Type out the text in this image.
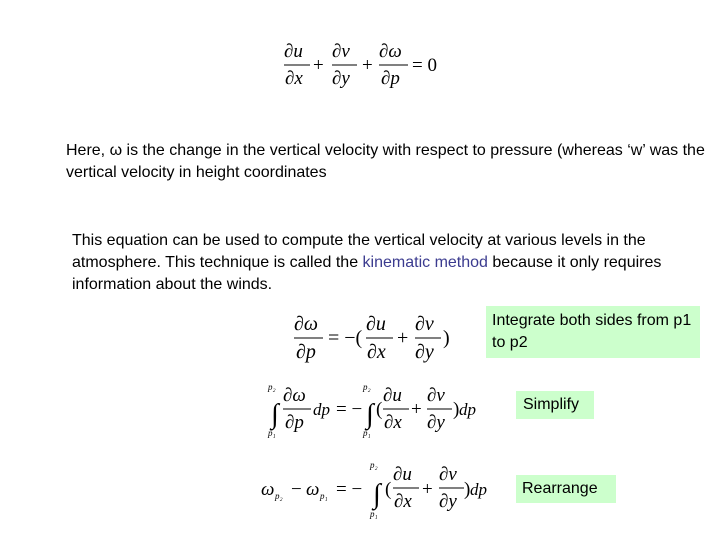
∂u
∂x
+
∂v
∂y
+
∂ω
∂p
= 0

Here, ω is the change in the vertical velocity with respect to pressure (whereas ‘w’ was the vertical velocity in height coordinates

This equation can be used to compute the vertical velocity at various levels in the atmosphere. This technique is called the kinematic method because it only requires information about the winds.

∂ω
∂p
= −(
∂u
∂x
+
∂v
∂y
)
Integrate both sides from p1 to p2
p₂
∫
p₁
∂ω
∂p
dp = −
p₂
∫
p₁
(
∂u
∂x
+
∂v
∂y
) dp	Simplify
ω p₂ − ω p₁ = −
p₂
∫
p₁
(
∂u
∂x
+
∂v
∂y
) dp	Rearrange
